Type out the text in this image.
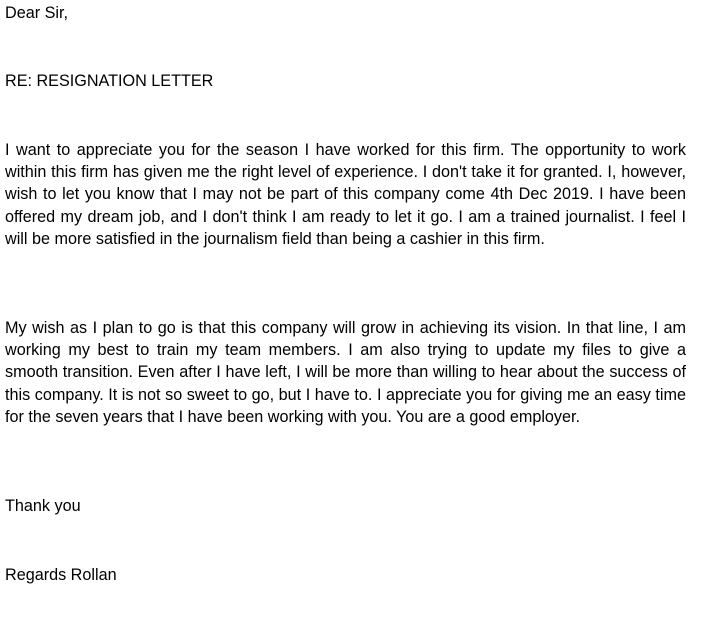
Dear Sir,
RE: RESIGNATION LETTER
I want to appreciate you for the season I have worked for this firm. The opportunity to work within this firm has given me the right level of experience. I don't take it for granted. I, however, wish to let you know that I may not be part of this company come 4th Dec 2019. I have been offered my dream job, and I don't think I am ready to let it go. I am a trained journalist. I feel I will be more satisfied in the journalism field than being a cashier in this firm.
My wish as I plan to go is that this company will grow in achieving its vision. In that line, I am working my best to train my team members. I am also trying to update my files to give a smooth transition. Even after I have left, I will be more than willing to hear about the success of this company. It is not so sweet to go, but I have to. I appreciate you for giving me an easy time for the seven years that I have been working with you. You are a good employer.
Thank you
Regards Rollan
